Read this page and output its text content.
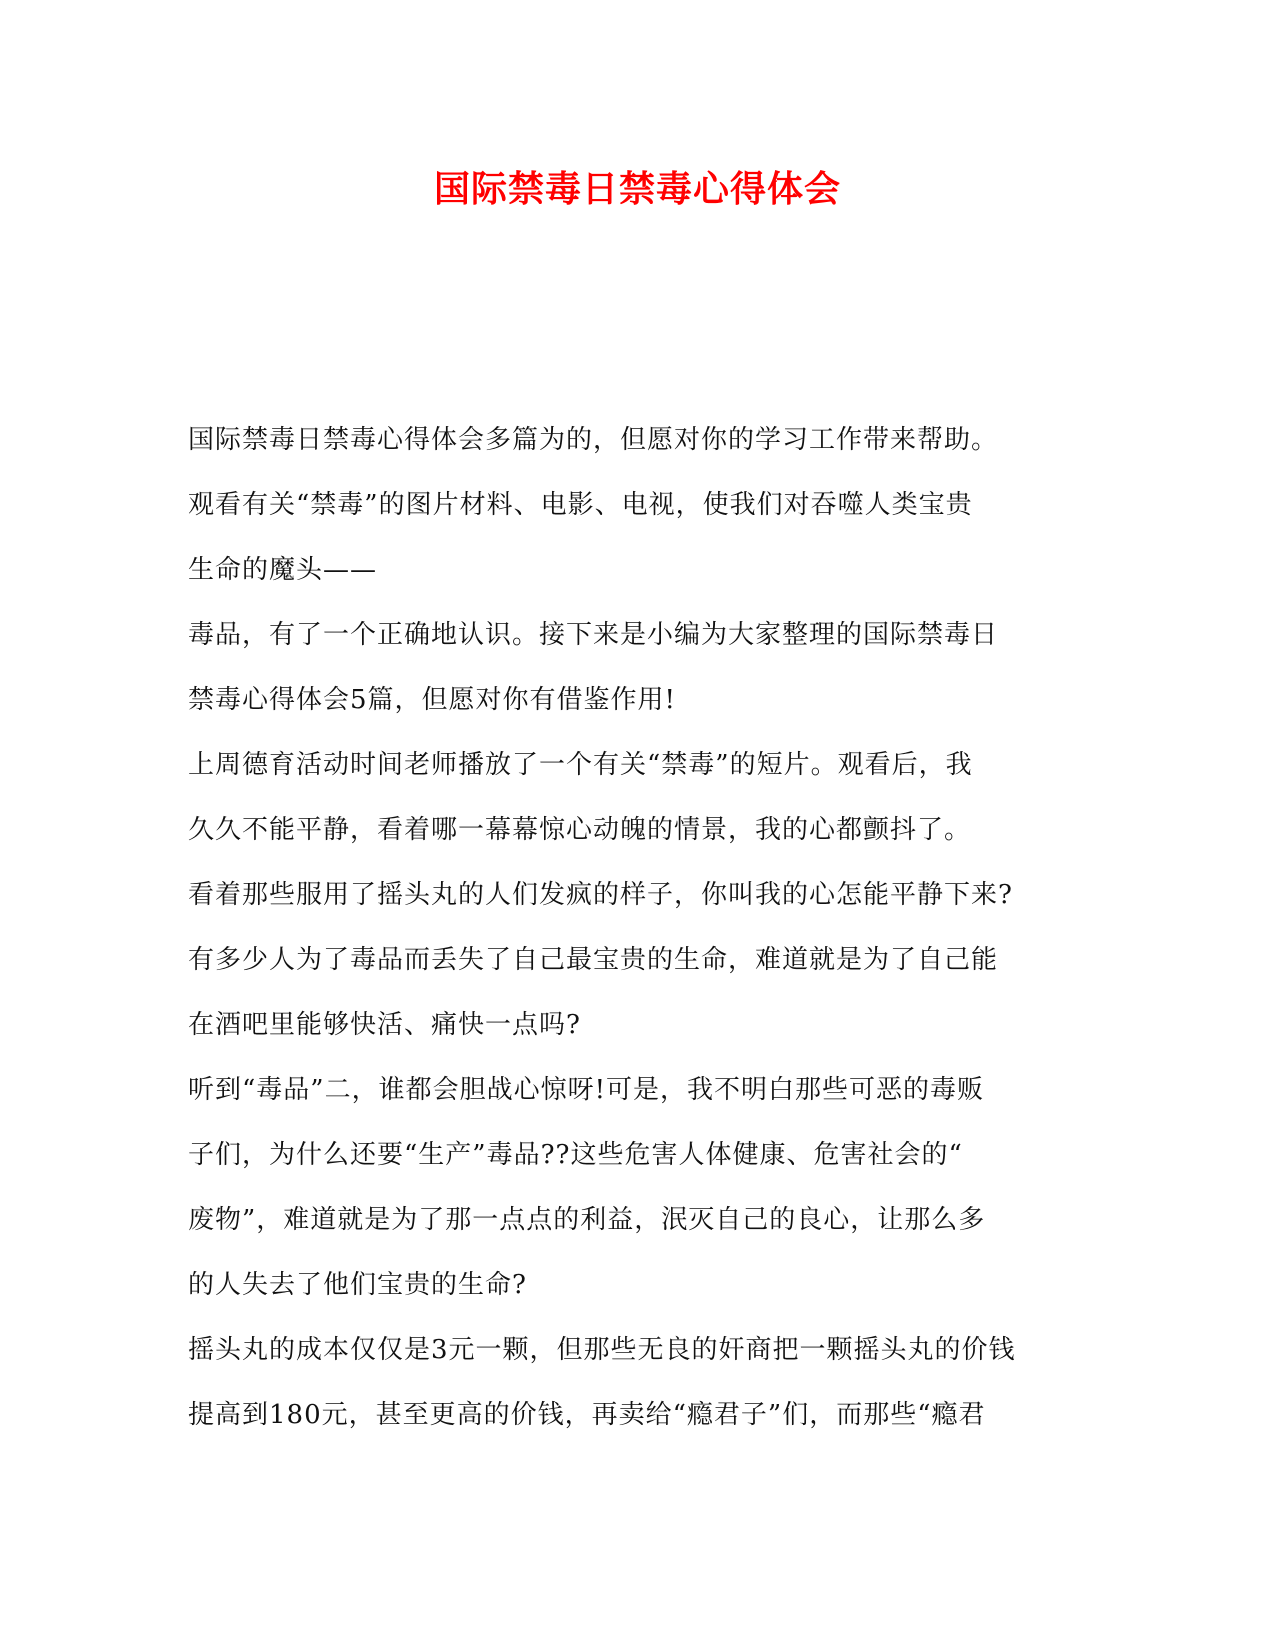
国际禁毒日禁毒心得体会
国际禁毒日禁毒心得体会多篇为的，但愿对你的学习工作带来帮助。
观看有关“禁毒”的图片材料、电影、电视，使我们对吞噬人类宝贵
生命的魔头——
毒品，有了一个正确地认识。接下来是小编为大家整理的国际禁毒日
禁毒心得体会5篇，但愿对你有借鉴作用!
上周德育活动时间老师播放了一个有关“禁毒”的短片。观看后，我
久久不能平静，看着哪一幕幕惊心动魄的情景，我的心都颤抖了。
看着那些服用了摇头丸的人们发疯的样子，你叫我的心怎能平静下来?
有多少人为了毒品而丢失了自己最宝贵的生命，难道就是为了自己能
在酒吧里能够快活、痛快一点吗?
听到“毒品”二，谁都会胆战心惊呀!可是，我不明白那些可恶的毒贩
子们，为什么还要“生产”毒品??这些危害人体健康、危害社会的“
废物”，难道就是为了那一点点的利益，泯灭自己的良心，让那么多
的人失去了他们宝贵的生命?
摇头丸的成本仅仅是3元一颗，但那些无良的奸商把一颗摇头丸的价钱
提高到180元，甚至更高的价钱，再卖给“瘾君子”们，而那些“瘾君
